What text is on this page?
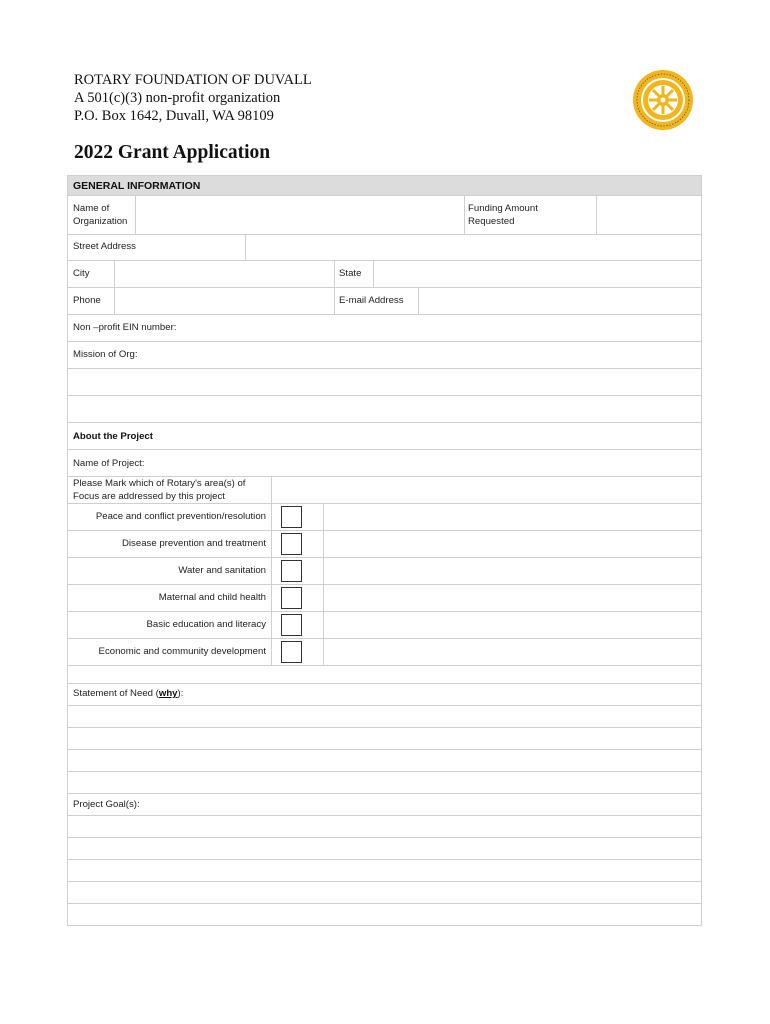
ROTARY FOUNDATION OF DUVALL
A 501(c)(3) non-profit organization
P.O. Box 1642, Duvall, WA 98109
2022 Grant Application
GENERAL INFORMATION
Name of
Organization
Funding Amount
Requested
Street Address
City	State
Phone	E-mail Address
Non –profit EIN number:
Mission of Org:
About the Project
Name of Project:
Please Mark which of Rotary's area(s) of
Focus are addressed by this project
Peace and conflict prevention/resolution
Disease prevention and treatment
Water and sanitation
Maternal and child health
Basic education and literacy
Economic and community development
Statement of Need (why):
Project Goal(s):
